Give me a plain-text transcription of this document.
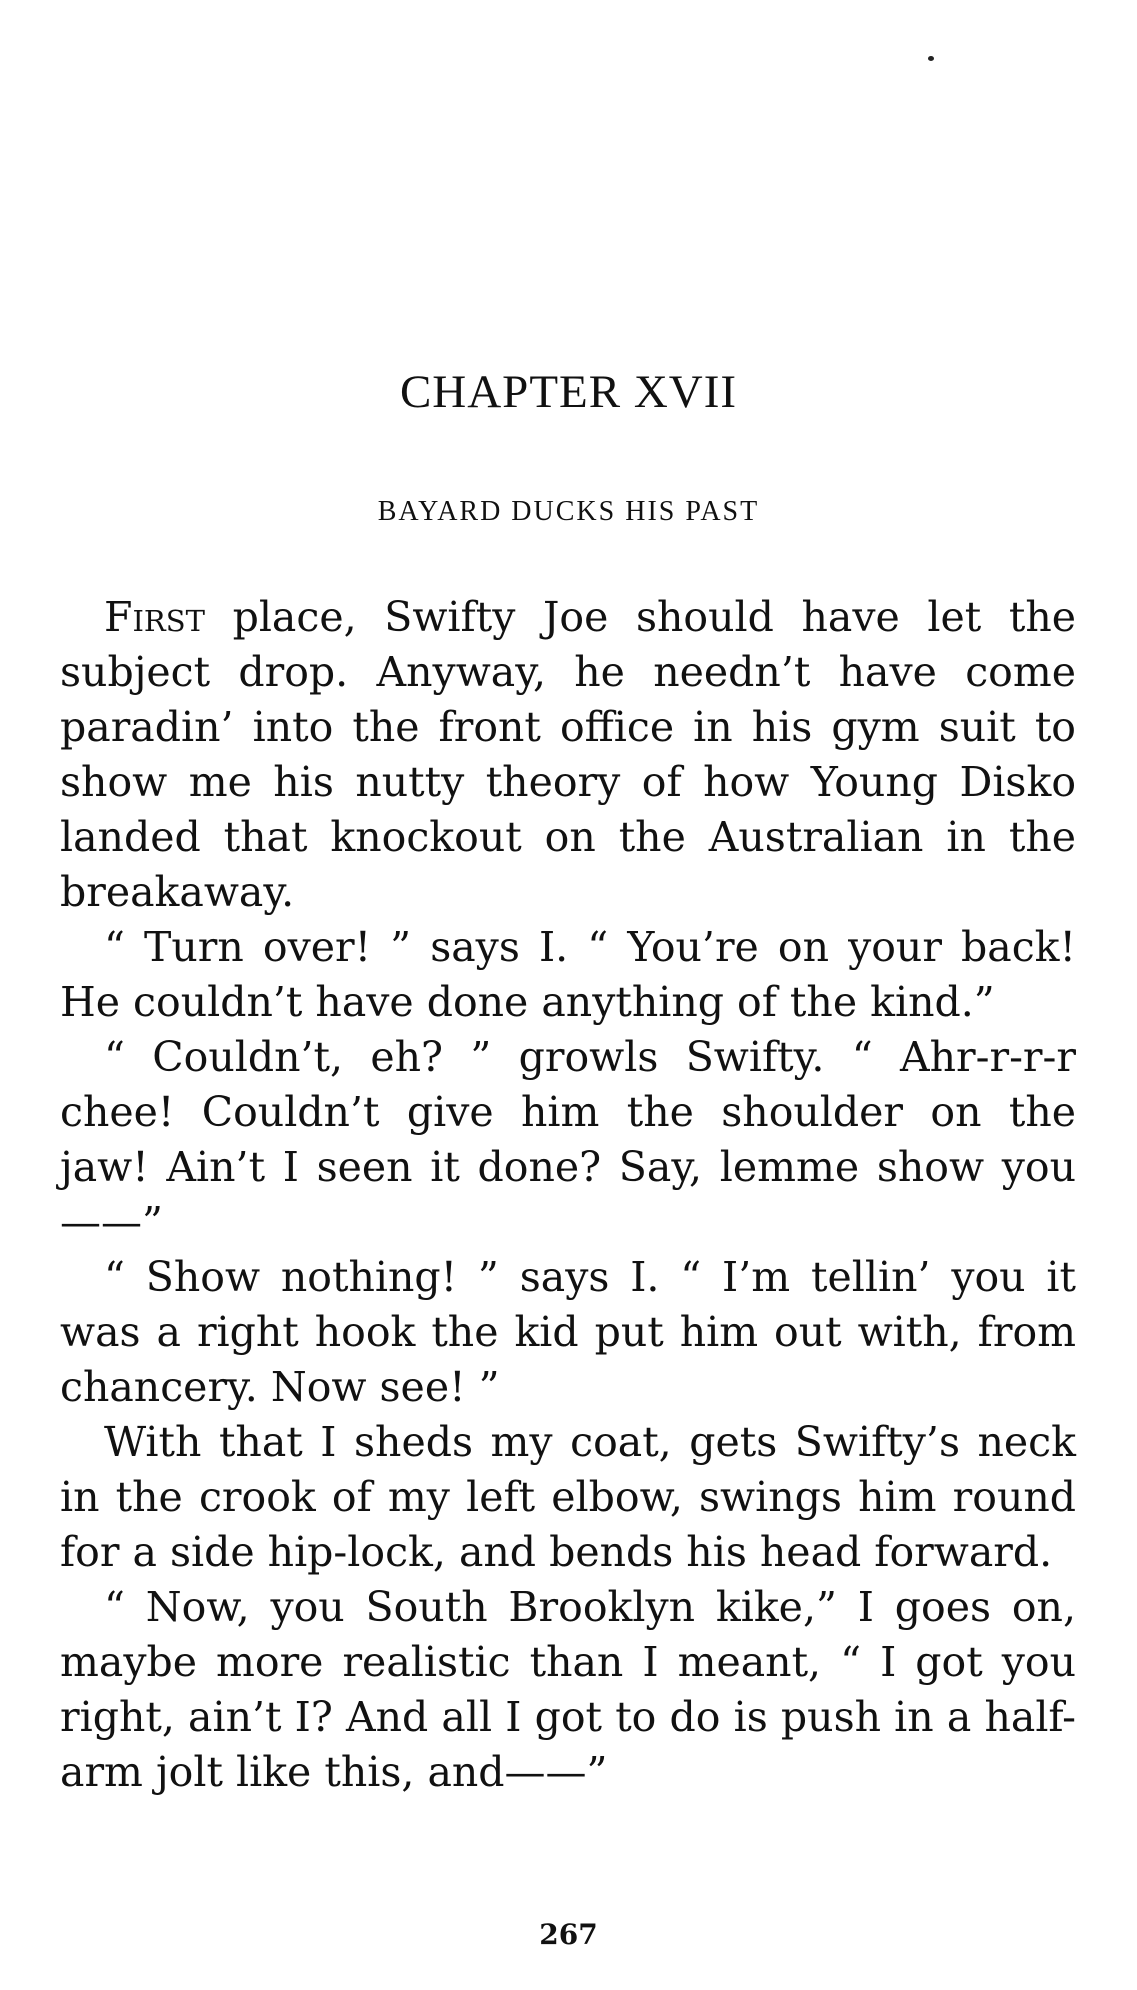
CHAPTER XVII
BAYARD DUCKS HIS PAST

First place, Swifty Joe should have let the subject drop. Anyway, he needn’t have come paradin’ into the front office in his gym suit to show me his nutty theory of how Young Disko landed that knockout on the Australian in the breakaway.

“ Turn over! ” says I. “ You’re on your back! He couldn’t have done anything of the kind.”

“ Couldn’t, eh? ” growls Swifty. “ Ahr-r-r-r chee! Couldn’t give him the shoulder on the jaw! Ain’t I seen it done? Say, lemme show you——”

“ Show nothing! ” says I. “ I’m tellin’ you it was a right hook the kid put him out with, from chancery. Now see! ”

With that I sheds my coat, gets Swifty’s neck in the crook of my left elbow, swings him round for a side hip-lock, and bends his head forward.

“ Now, you South Brooklyn kike,” I goes on, maybe more realistic than I meant, “ I got you right, ain’t I? And all I got to do is push in a half-arm jolt like this, and——”

267
